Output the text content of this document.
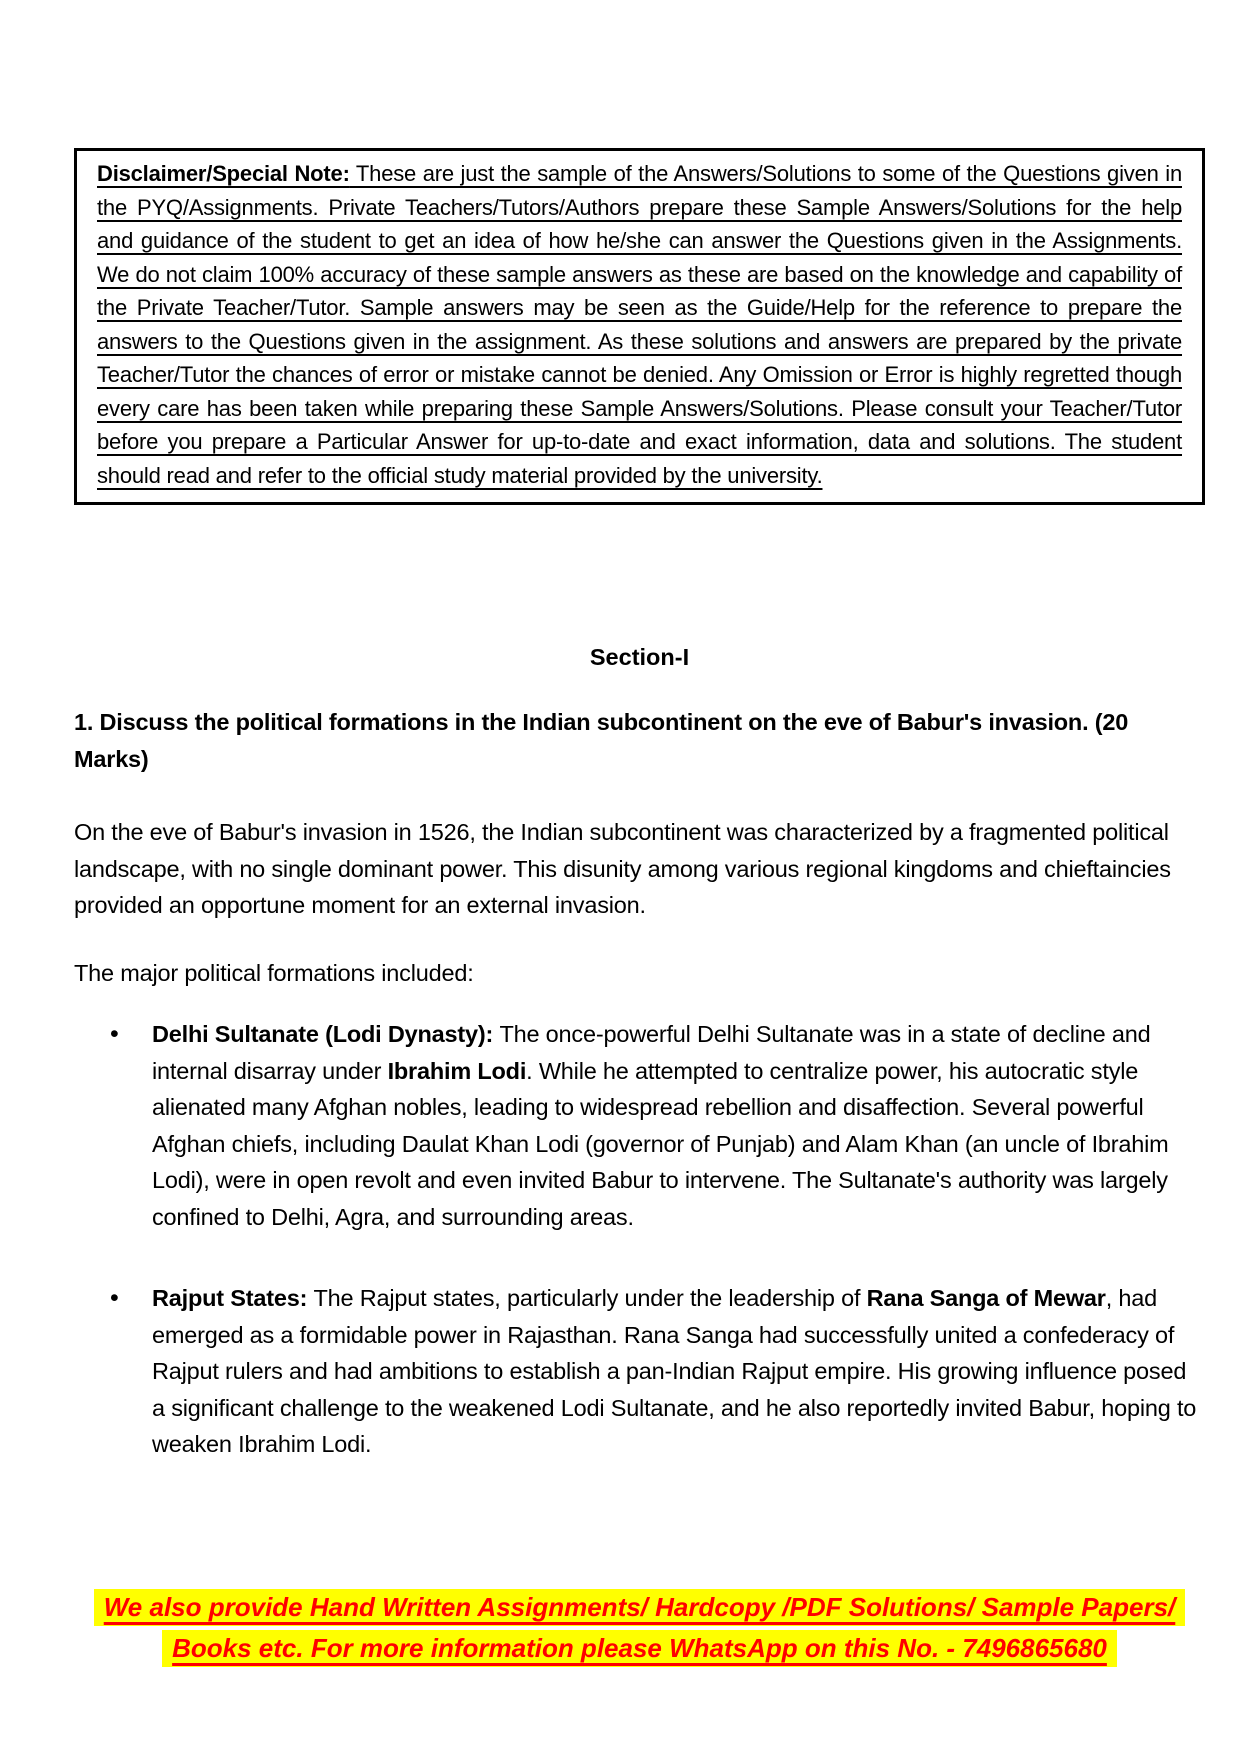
Disclaimer/Special Note: These are just the sample of the Answers/Solutions to some of the Questions given in the PYQ/Assignments. Private Teachers/Tutors/Authors prepare these Sample Answers/Solutions for the help and guidance of the student to get an idea of how he/she can answer the Questions given in the Assignments. We do not claim 100% accuracy of these sample answers as these are based on the knowledge and capability of the Private Teacher/Tutor. Sample answers may be seen as the Guide/Help for the reference to prepare the answers to the Questions given in the assignment. As these solutions and answers are prepared by the private Teacher/Tutor the chances of error or mistake cannot be denied. Any Omission or Error is highly regretted though every care has been taken while preparing these Sample Answers/Solutions. Please consult your Teacher/Tutor before you prepare a Particular Answer for up-to-date and exact information, data and solutions. The student should read and refer to the official study material provided by the university.

Section-I

1. Discuss the political formations in the Indian subcontinent on the eve of Babur's invasion. (20 Marks)

On the eve of Babur's invasion in 1526, the Indian subcontinent was characterized by a fragmented political landscape, with no single dominant power. This disunity among various regional kingdoms and chieftaincies provided an opportune moment for an external invasion.

The major political formations included:

• Delhi Sultanate (Lodi Dynasty): The once-powerful Delhi Sultanate was in a state of decline and internal disarray under Ibrahim Lodi. While he attempted to centralize power, his autocratic style alienated many Afghan nobles, leading to widespread rebellion and disaffection. Several powerful Afghan chiefs, including Daulat Khan Lodi (governor of Punjab) and Alam Khan (an uncle of Ibrahim Lodi), were in open revolt and even invited Babur to intervene. The Sultanate's authority was largely confined to Delhi, Agra, and surrounding areas.
• Rajput States: The Rajput states, particularly under the leadership of Rana Sanga of Mewar, had emerged as a formidable power in Rajasthan. Rana Sanga had successfully united a confederacy of Rajput rulers and had ambitions to establish a pan-Indian Rajput empire. His growing influence posed a significant challenge to the weakened Lodi Sultanate, and he also reportedly invited Babur, hoping to weaken Ibrahim Lodi.
We also provide Hand Written Assignments/ Hardcopy /PDF Solutions/ Sample Papers/
Books etc. For more information please WhatsApp on this No. - 7496865680
